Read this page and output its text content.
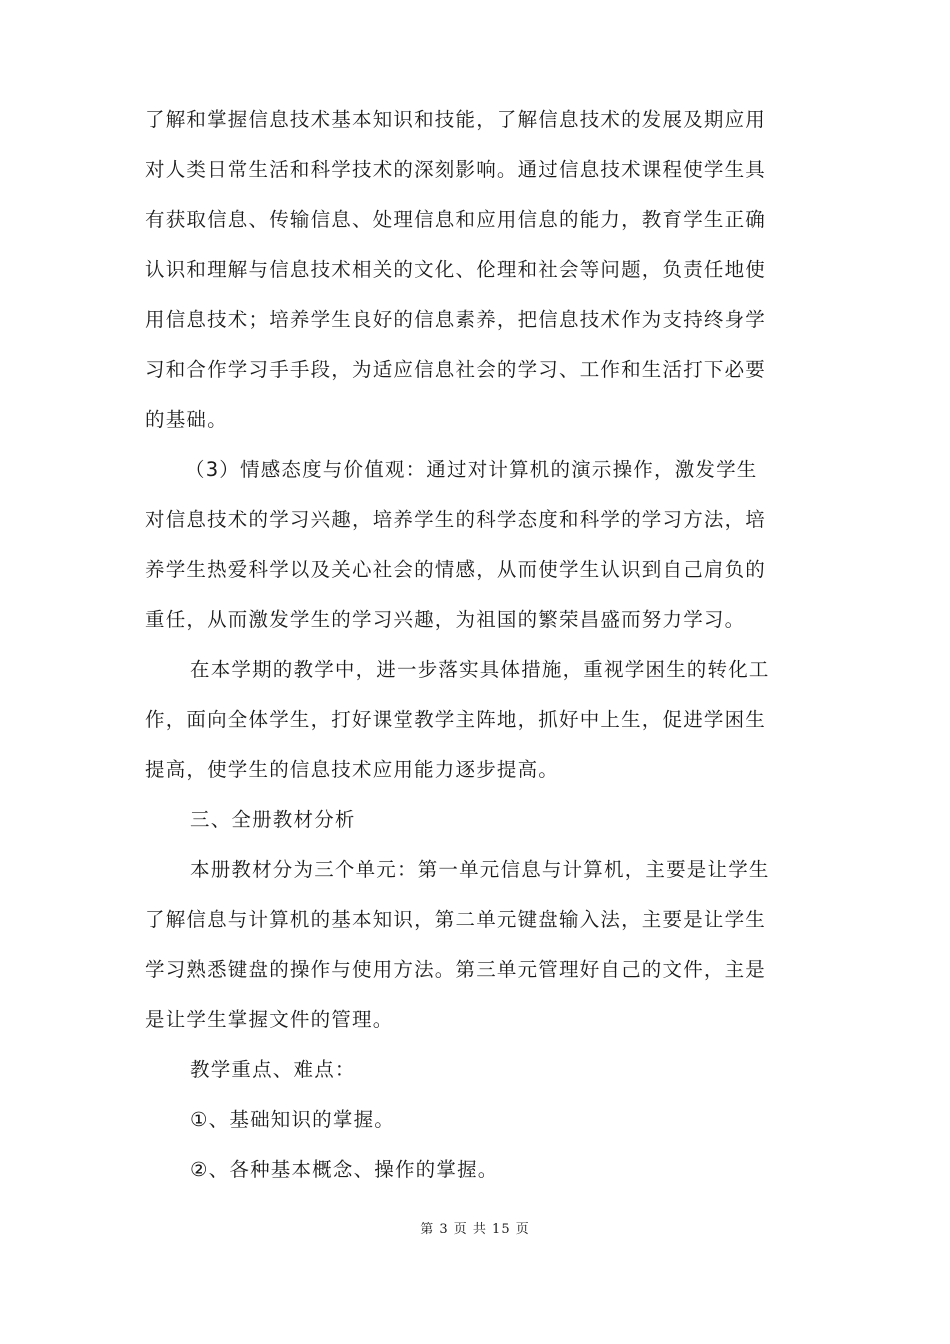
了解和掌握信息技术基本知识和技能，了解信息技术的发展及期应用
对人类日常生活和科学技术的深刻影响。通过信息技术课程使学生具
有获取信息、传输信息、处理信息和应用信息的能力，教育学生正确
认识和理解与信息技术相关的文化、伦理和社会等问题，负责任地使
用信息技术；培养学生良好的信息素养，把信息技术作为支持终身学
习和合作学习手手段，为适应信息社会的学习、工作和生活打下必要
的基础。
（3）情感态度与价值观：通过对计算机的演示操作，激发学生
对信息技术的学习兴趣，培养学生的科学态度和科学的学习方法，培
养学生热爱科学以及关心社会的情感，从而使学生认识到自己肩负的
重任，从而激发学生的学习兴趣，为祖国的繁荣昌盛而努力学习。
在本学期的教学中，进一步落实具体措施，重视学困生的转化工
作，面向全体学生，打好课堂教学主阵地，抓好中上生，促进学困生
提高，使学生的信息技术应用能力逐步提高。
三、全册教材分析
本册教材分为三个单元：第一单元信息与计算机，主要是让学生
了解信息与计算机的基本知识，第二单元键盘输入法，主要是让学生
学习熟悉键盘的操作与使用方法。第三单元管理好自己的文件，主是
是让学生掌握文件的管理。
教学重点、难点：
①、基础知识的掌握。
②、各种基本概念、操作的掌握。
第 3 页 共 15 页
